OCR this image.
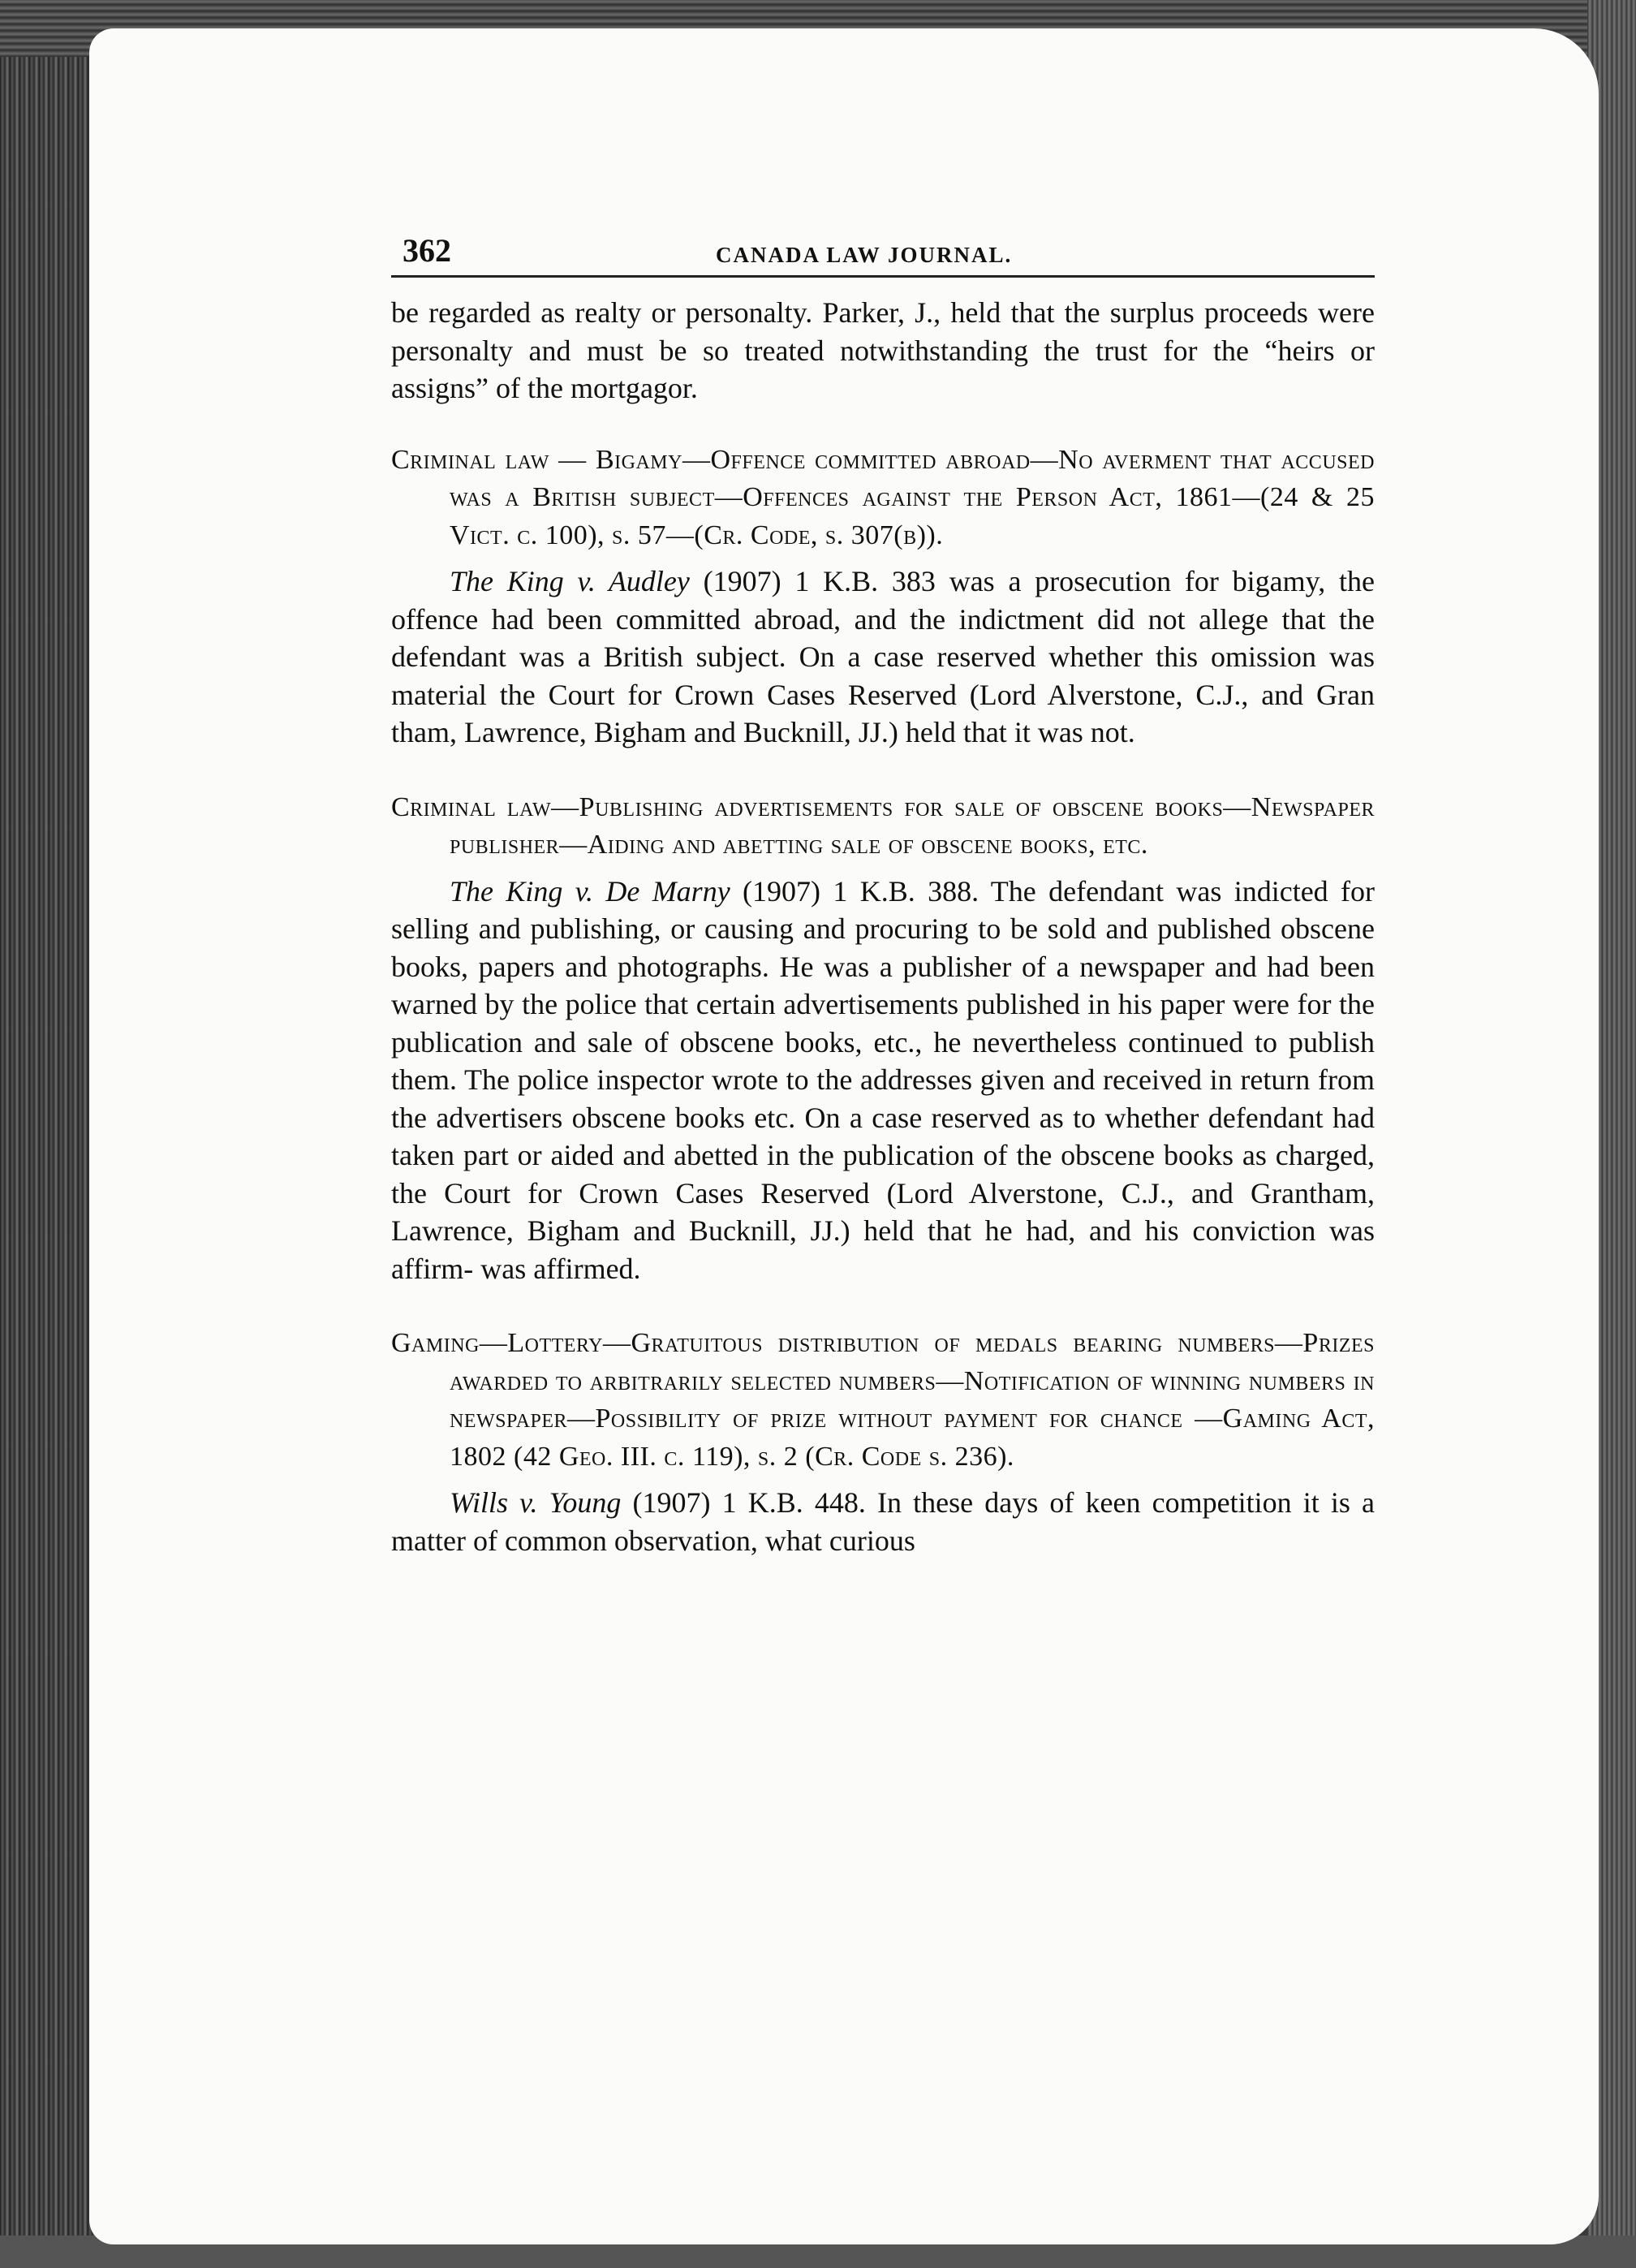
362	CANADA LAW JOURNAL.

be regarded as realty or personalty. Parker, J., held that the surplus proceeds were personalty and must be so treated notwithstanding the trust for the “heirs or assigns” of the mortgagor.

Criminal law — Bigamy—Offence committed abroad—No averment that accused was a British subject—Offences against the Person Act, 1861—(24 & 25 Vict. c. 100), s. 57—(Cr. Code, s. 307(b)).

The King v. Audley (1907) 1 K.B. 383 was a prosecution for bigamy, the offence had been committed abroad, and the indictment did not allege that the defendant was a British subject. On a case reserved whether this omission was material the Court for Crown Cases Reserved (Lord Alverstone, C.J., and Gran tham, Lawrence, Bigham and Bucknill, JJ.) held that it was not.

Criminal law—Publishing advertisements for sale of obscene books—Newspaper publisher—Aiding and abetting sale of obscene books, etc.

The King v. De Marny (1907) 1 K.B. 388. The defendant was indicted for selling and publishing, or causing and procuring to be sold and published obscene books, papers and photographs. He was a publisher of a newspaper and had been warned by the police that certain advertisements published in his paper were for the publication and sale of obscene books, etc., he nevertheless continued to publish them. The police inspector wrote to the addresses given and received in return from the advertisers obscene books etc. On a case reserved as to whether defendant had taken part or aided and abetted in the publication of the obscene books as charged, the Court for Crown Cases Reserved (Lord Alverstone, C.J., and Grantham, Lawrence, Bigham and Bucknill, JJ.) held that he had, and his conviction was affirm- was affirmed.

Gaming—Lottery—Gratuitous distribution of medals bearing numbers—Prizes awarded to arbitrarily selected numbers—Notification of winning numbers in newspaper—Possibility of prize without payment for chance —Gaming Act, 1802 (42 Geo. III. c. 119), s. 2 (Cr. Code s. 236).

Wills v. Young (1907) 1 K.B. 448. In these days of keen competition it is a matter of common observation, what curious
